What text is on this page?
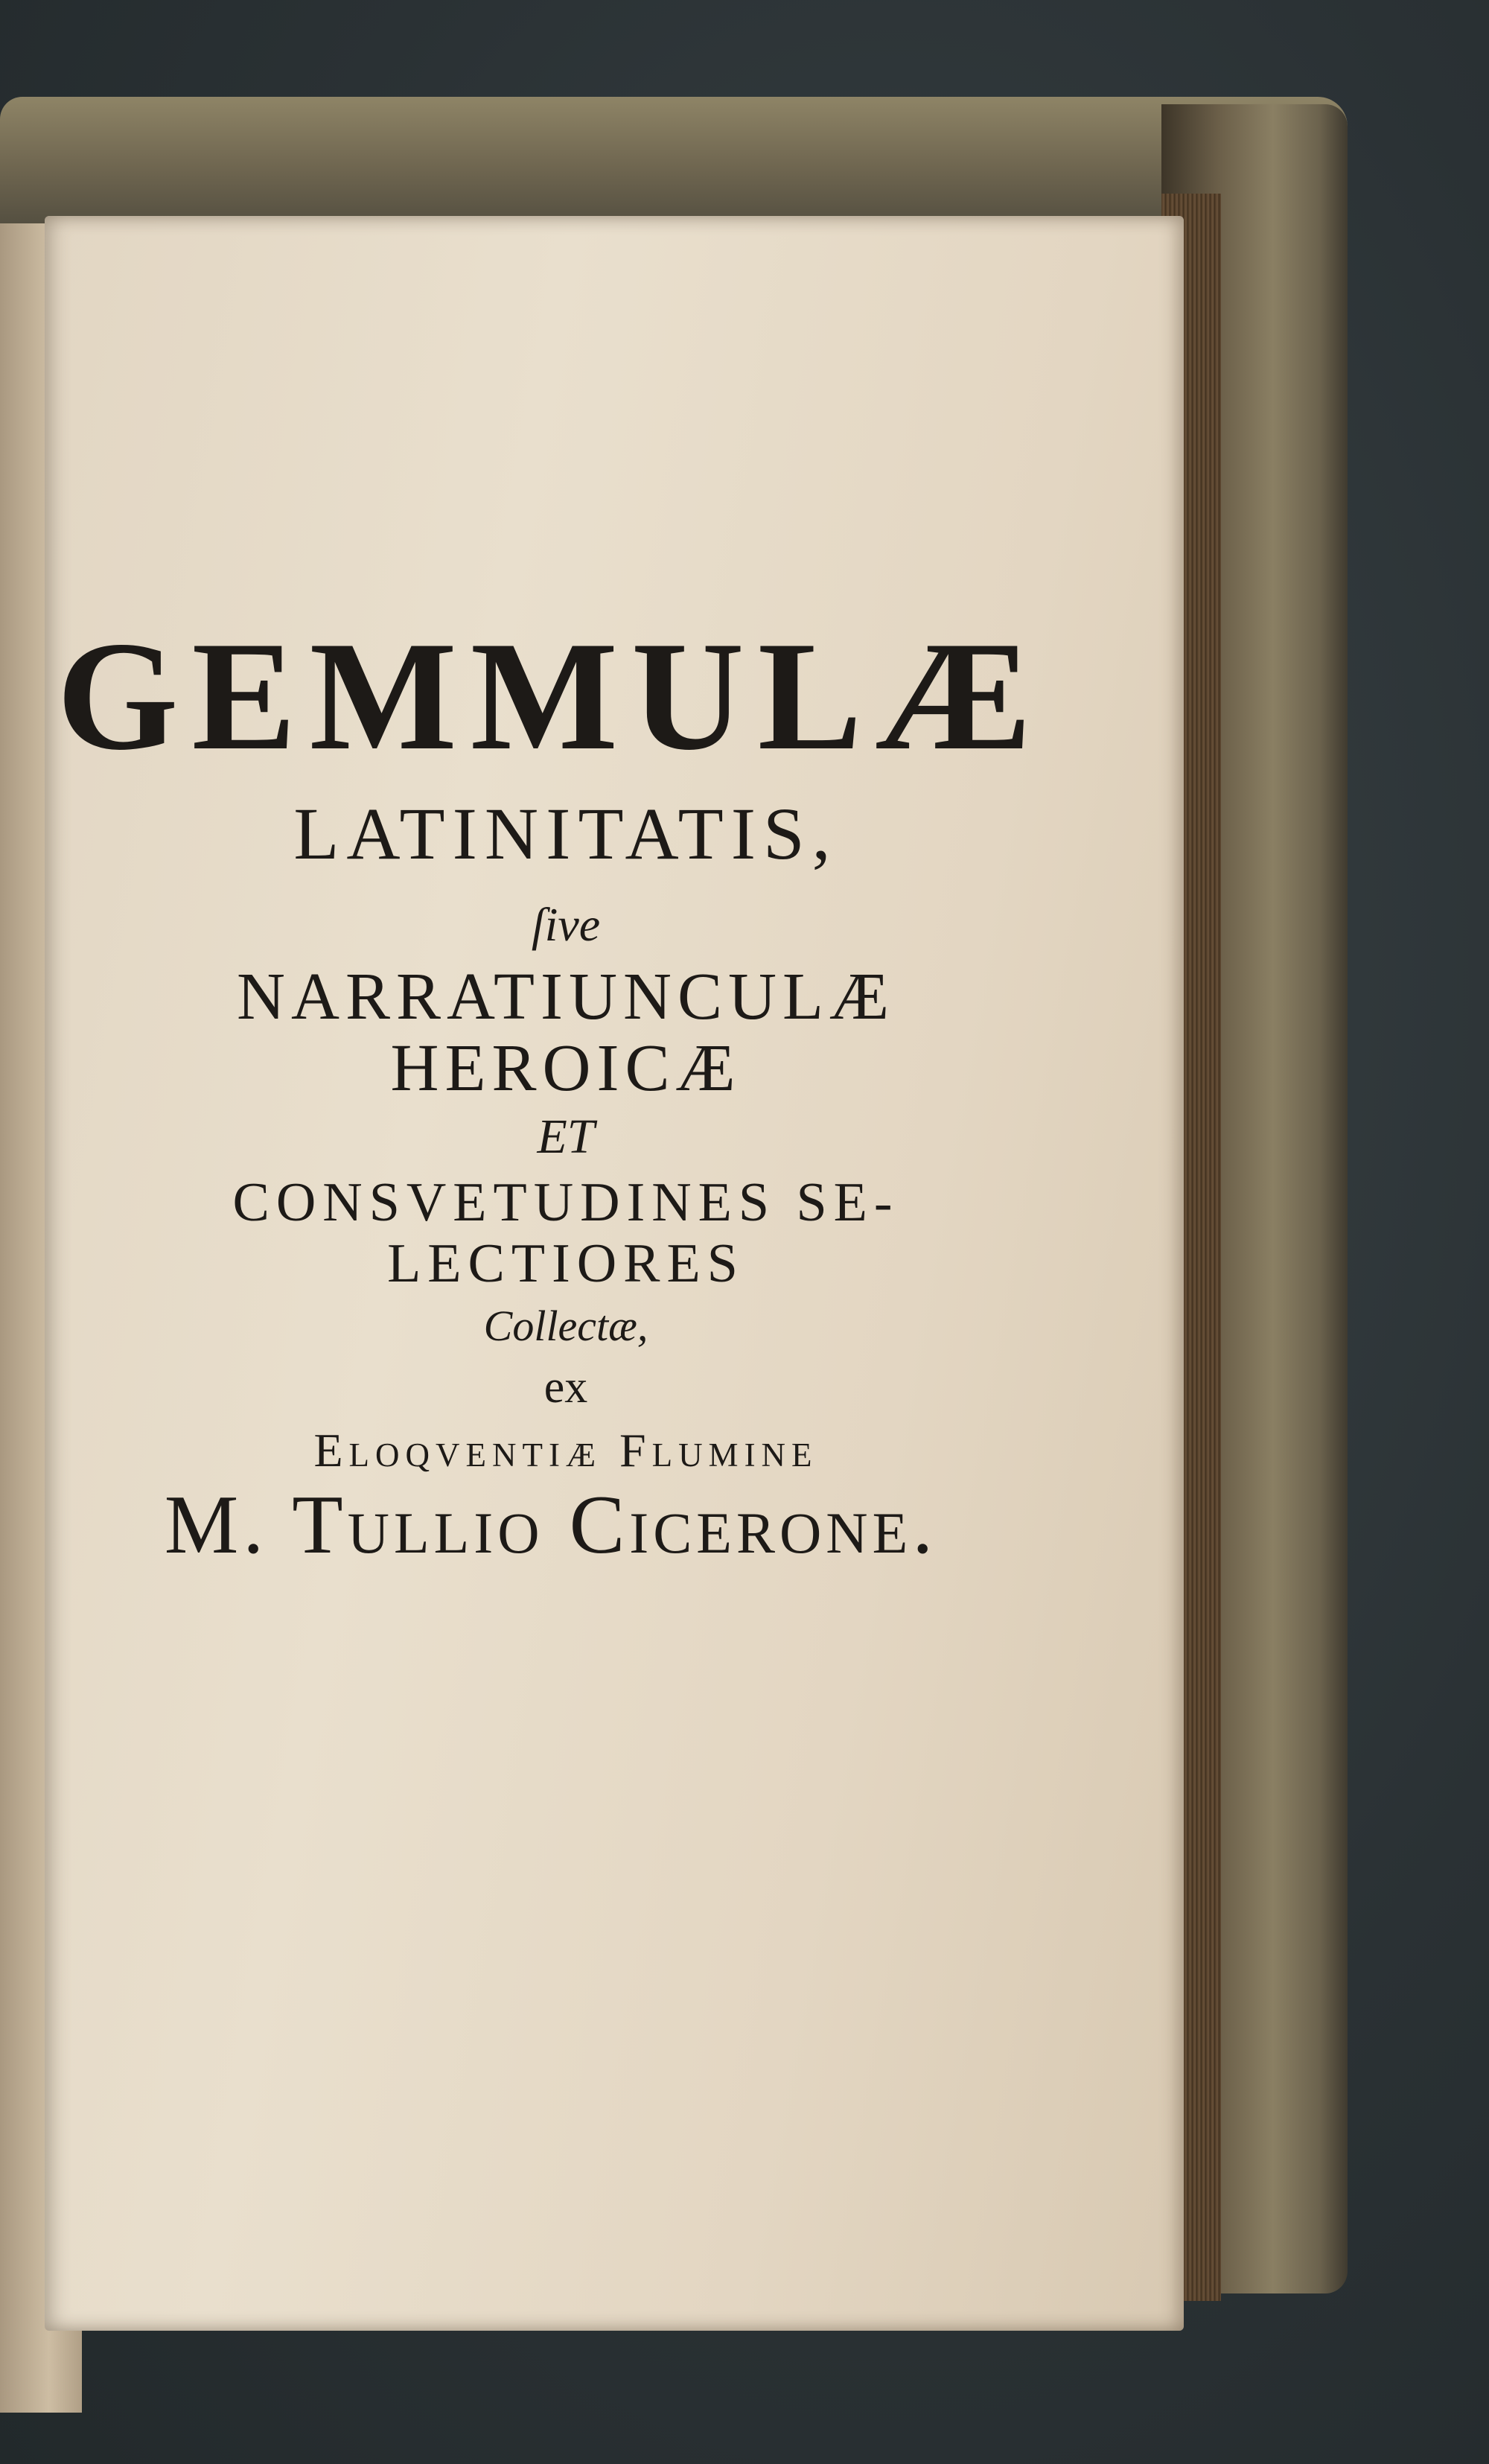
GEMMULÆ
LATINITATIS,
ſive
NARRATIUNCULÆ
HEROICÆ
ET
CONSVETUDINES SE-
LECTIORES
Collectæ,
ex
Eloqventiæ Flumine
M. Tullio Cicerone.
